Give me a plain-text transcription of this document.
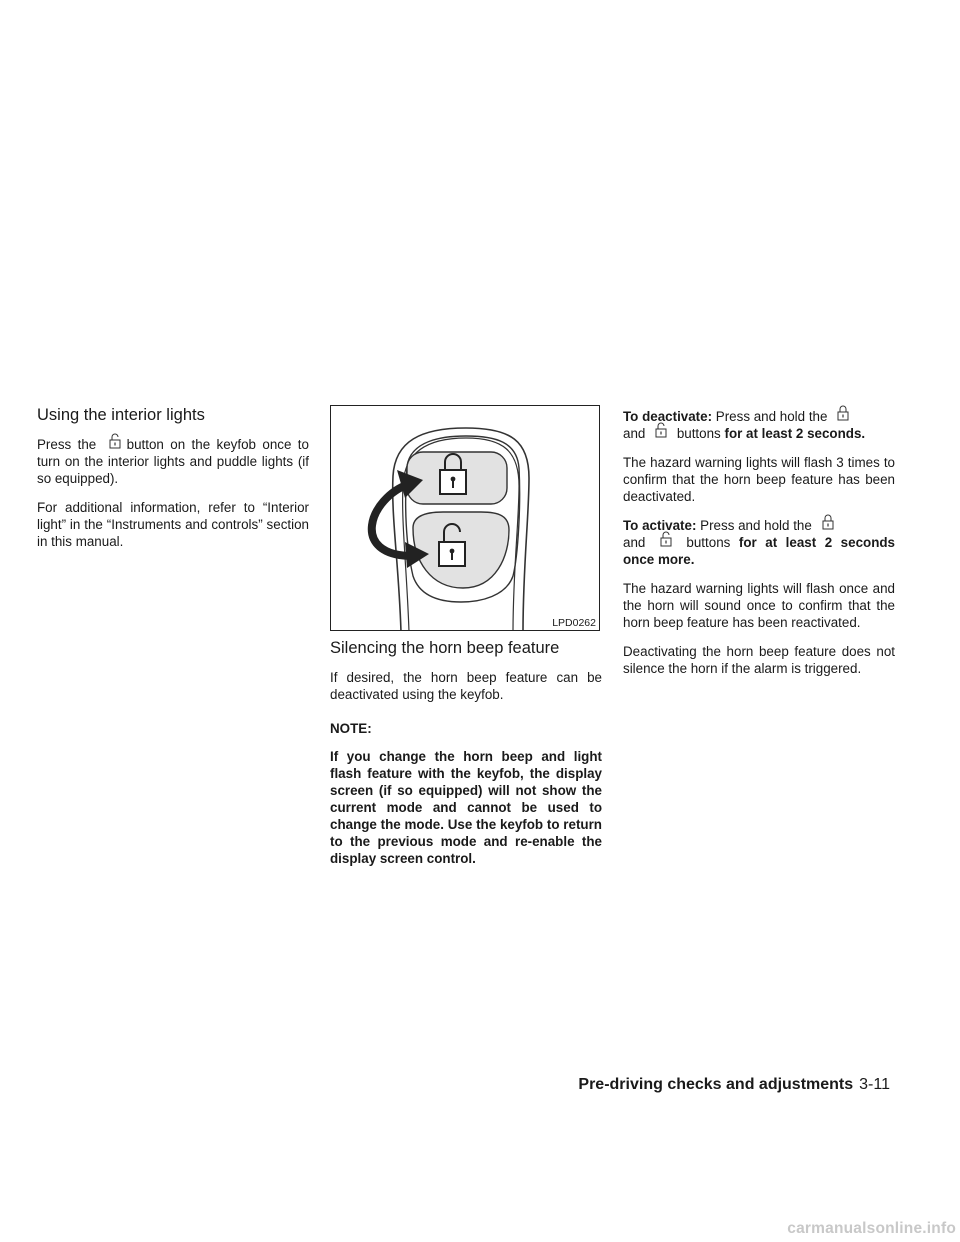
Using the interior lights

Press the button on the keyfob once to turn on the interior lights and puddle lights (if so equipped).

For additional information, refer to “Interior light” in the “Instruments and controls” section in this manual.

LPD0262
Silencing the horn beep feature

If desired, the horn beep feature can be deactivated using the keyfob.

NOTE:

If you change the horn beep and light flash feature with the keyfob, the display screen (if so equipped) will not show the current mode and cannot be used to change the mode. Use the keyfob to return to the previous mode and re-enable the display screen control.

To deactivate: Press and hold the

and buttons for at least 2 seconds.

The hazard warning lights will flash 3 times to confirm that the horn beep feature has been deactivated.

To activate: Press and hold the

and	buttons for at least 2 seconds once more.

The hazard warning lights will flash once and the horn will sound once to confirm that the horn beep feature has been reactivated.

Deactivating the horn beep feature does not silence the horn if the alarm is triggered.

Pre-driving checks and adjustments 3-11
carmanualsonline.info
